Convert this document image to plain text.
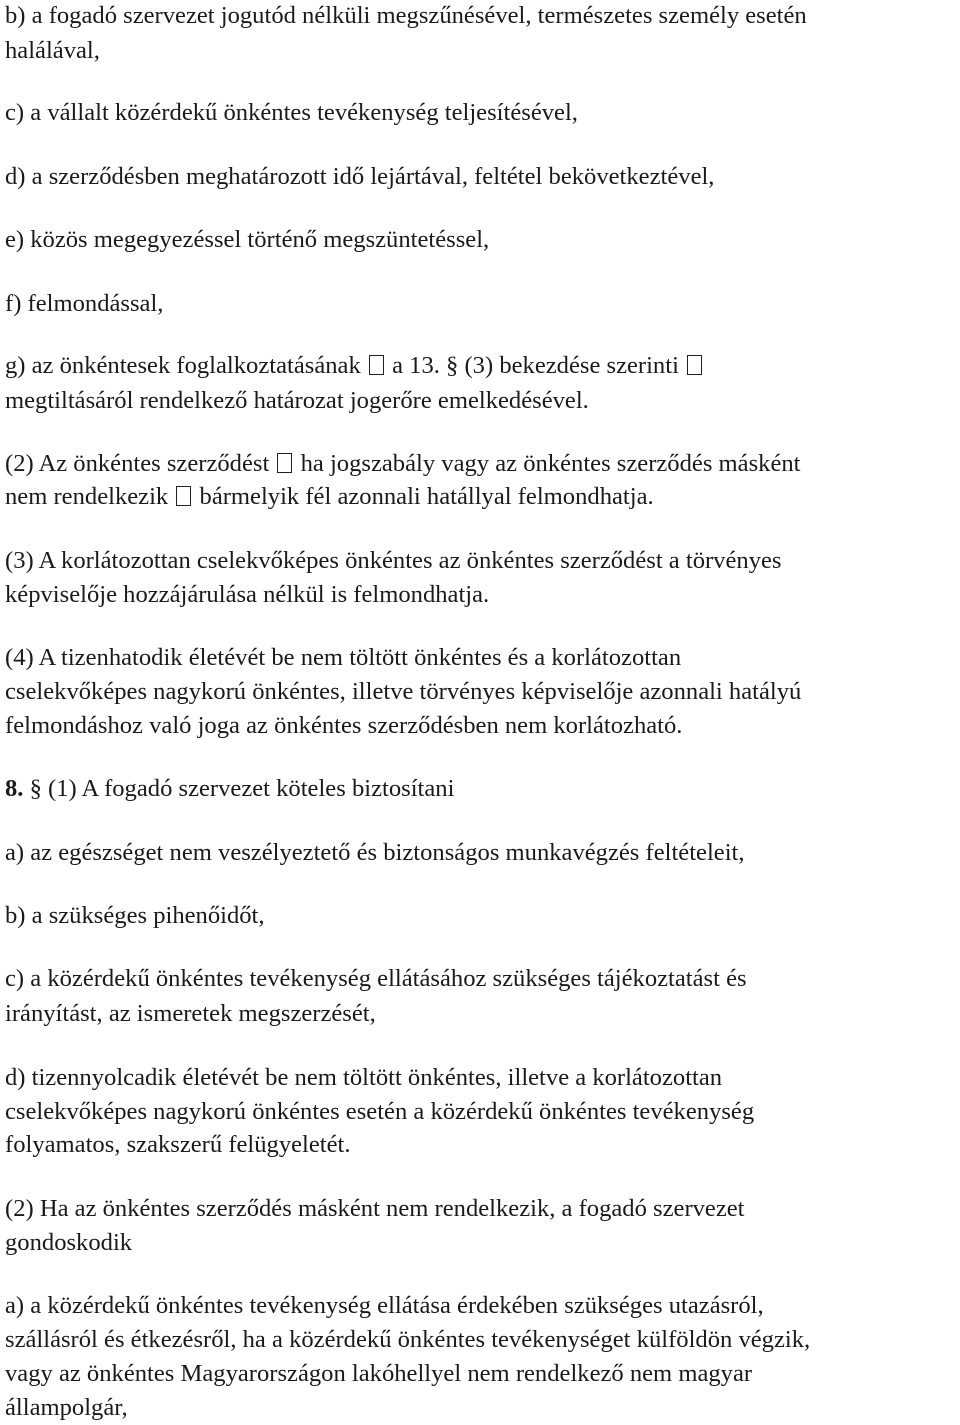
b) a fogadó szervezet jogutód nélküli megszűnésével, természetes személy esetén
halálával,
c) a vállalt közérdekű önkéntes tevékenység teljesítésével,
d) a szerződésben meghatározott idő lejártával, feltétel bekövetkeztével,
e) közös megegyezéssel történő megszüntetéssel,
f) felmondással,
g) az önkéntesek foglalkoztatásának a 13. § (3) bekezdése szerinti
megtiltásáról rendelkező határozat jogerőre emelkedésével.
(2) Az önkéntes szerződést ha jogszabály vagy az önkéntes szerződés másként
nem rendelkezik bármelyik fél azonnali hatállyal felmondhatja.
(3) A korlátozottan cselekvőképes önkéntes az önkéntes szerződést a törvényes
képviselője hozzájárulása nélkül is felmondhatja.
(4) A tizenhatodik életévét be nem töltött önkéntes és a korlátozottan
cselekvőképes nagykorú önkéntes, illetve törvényes képviselője azonnali hatályú
felmondáshoz való joga az önkéntes szerződésben nem korlátozható.
8. § (1) A fogadó szervezet köteles biztosítani
a) az egészséget nem veszélyeztető és biztonságos munkavégzés feltételeit,
b) a szükséges pihenőidőt,
c) a közérdekű önkéntes tevékenység ellátásához szükséges tájékoztatást és
irányítást, az ismeretek megszerzését,
d) tizennyolcadik életévét be nem töltött önkéntes, illetve a korlátozottan
cselekvőképes nagykorú önkéntes esetén a közérdekű önkéntes tevékenység
folyamatos, szakszerű felügyeletét.
(2) Ha az önkéntes szerződés másként nem rendelkezik, a fogadó szervezet
gondoskodik
a) a közérdekű önkéntes tevékenység ellátása érdekében szükséges utazásról,
szállásról és étkezésről, ha a közérdekű önkéntes tevékenységet külföldön végzik,
vagy az önkéntes Magyarországon lakóhellyel nem rendelkező nem magyar
állampolgár,
